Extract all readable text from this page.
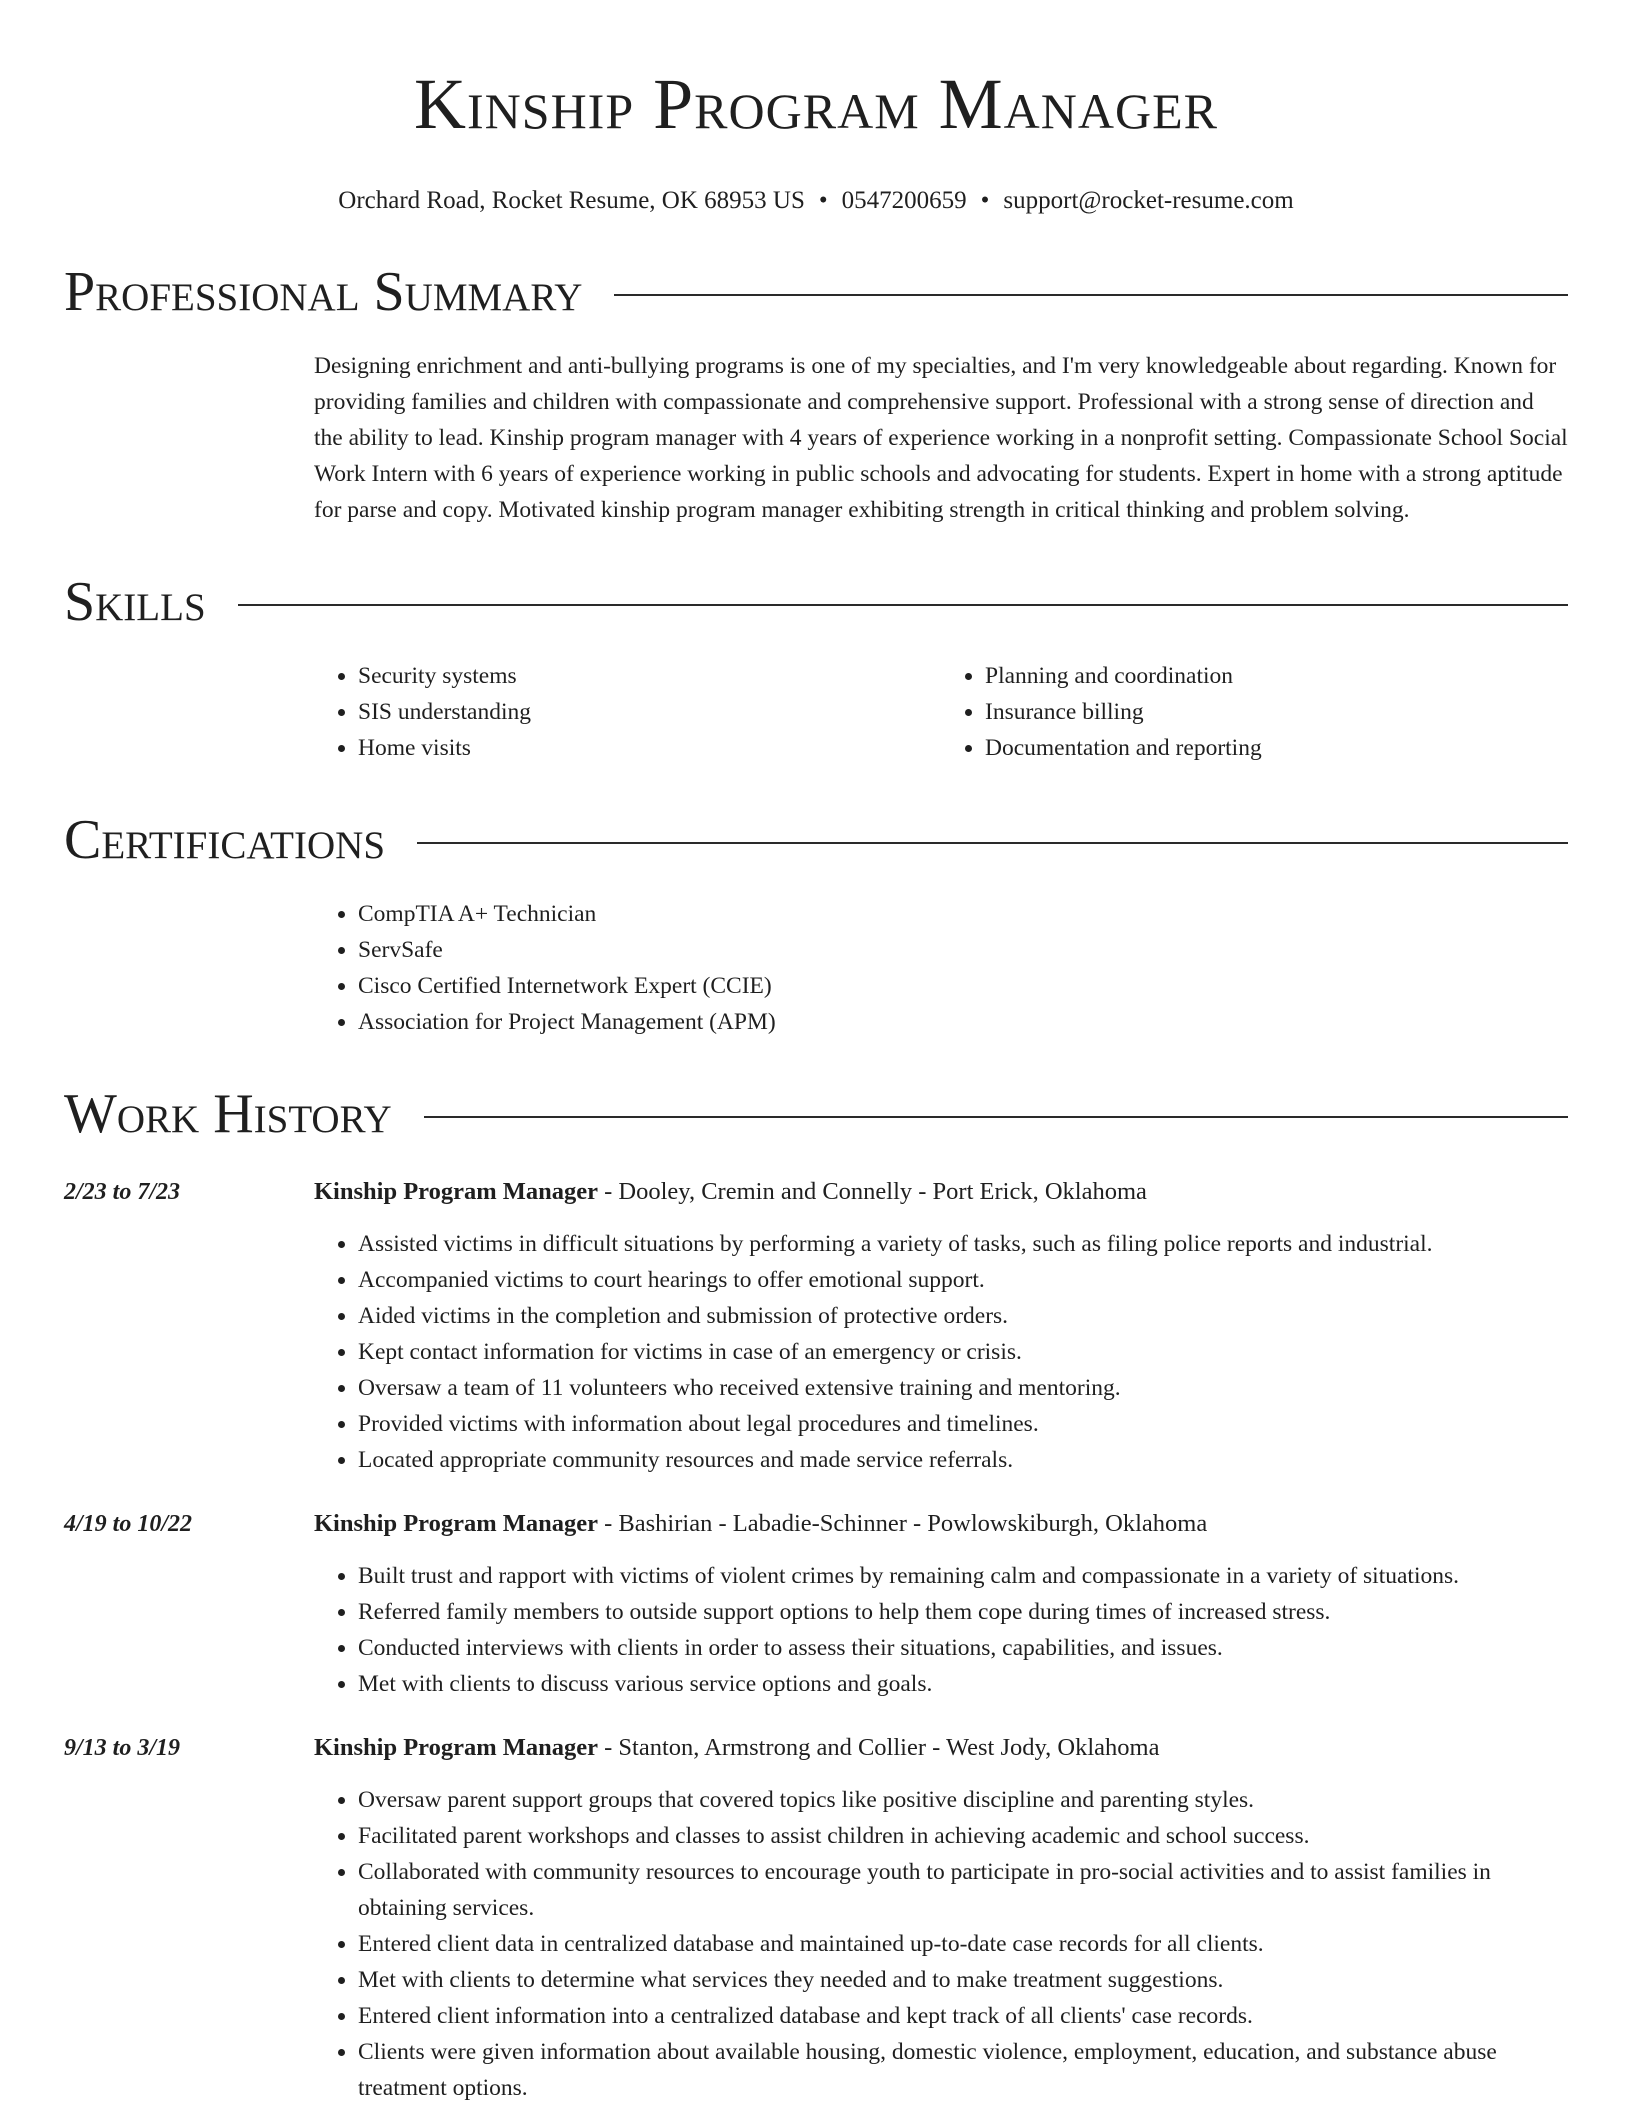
Kinship Program Manager
Orchard Road, Rocket Resume, OK 68953 US • 0547200659 • support@rocket-resume.com
Professional Summary
Designing enrichment and anti-bullying programs is one of my specialties, and I'm very knowledgeable about regarding. Known for providing families and children with compassionate and comprehensive support. Professional with a strong sense of direction and the ability to lead. Kinship program manager with 4 years of experience working in a nonprofit setting. Compassionate School Social Work Intern with 6 years of experience working in public schools and advocating for students. Expert in home with a strong aptitude for parse and copy. Motivated kinship program manager exhibiting strength in critical thinking and problem solving.
Skills
• Security systems
• SIS understanding
• Home visits
• Planning and coordination
• Insurance billing
• Documentation and reporting
Certifications
• CompTIA A+ Technician
• ServSafe
• Cisco Certified Internetwork Expert (CCIE)
• Association for Project Management (APM)
Work History
2/23 to 7/23	Kinship Program Manager - Dooley, Cremin and Connelly - Port Erick, Oklahoma
• Assisted victims in difficult situations by performing a variety of tasks, such as filing police reports and industrial.
• Accompanied victims to court hearings to offer emotional support.
• Aided victims in the completion and submission of protective orders.
• Kept contact information for victims in case of an emergency or crisis.
• Oversaw a team of 11 volunteers who received extensive training and mentoring.
• Provided victims with information about legal procedures and timelines.
• Located appropriate community resources and made service referrals.
4/19 to 10/22	Kinship Program Manager - Bashirian - Labadie-Schinner - Powlowskiburgh, Oklahoma
• Built trust and rapport with victims of violent crimes by remaining calm and compassionate in a variety of situations.
• Referred family members to outside support options to help them cope during times of increased stress.
• Conducted interviews with clients in order to assess their situations, capabilities, and issues.
• Met with clients to discuss various service options and goals.
9/13 to 3/19	Kinship Program Manager - Stanton, Armstrong and Collier - West Jody, Oklahoma
• Oversaw parent support groups that covered topics like positive discipline and parenting styles.
• Facilitated parent workshops and classes to assist children in achieving academic and school success.
• Collaborated with community resources to encourage youth to participate in pro-social activities and to assist families in obtaining services.
• Entered client data in centralized database and maintained up-to-date case records for all clients.
• Met with clients to determine what services they needed and to make treatment suggestions.
• Entered client information into a centralized database and kept track of all clients' case records.
• Clients were given information about available housing, domestic violence, employment, education, and substance abuse treatment options.
